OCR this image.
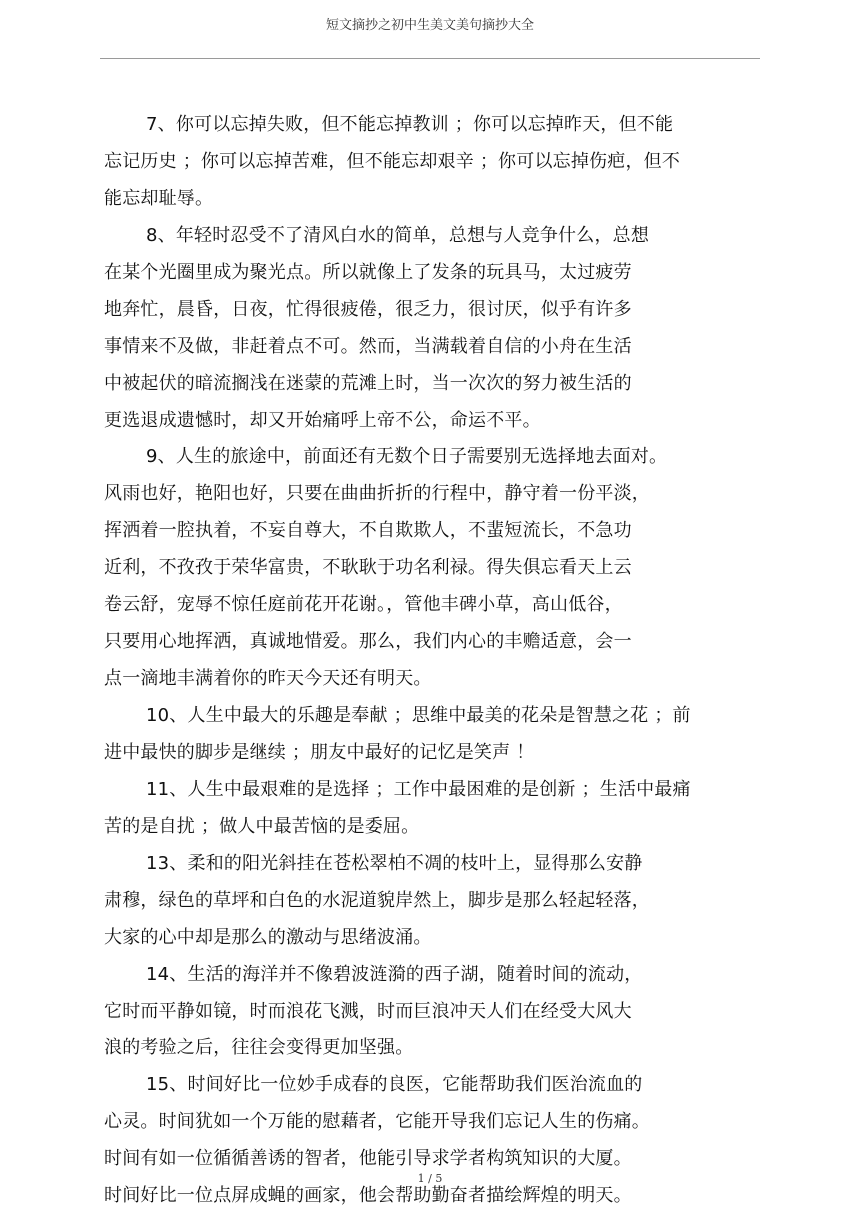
短文摘抄之初中生美文美句摘抄大全
7、你可以忘掉失败，但不能忘掉教训 ；你可以忘掉昨天，但不能
忘记历史 ；你可以忘掉苦难，但不能忘却艰辛 ；你可以忘掉伤疤，但不
能忘却耻辱。
8、年轻时忍受不了清风白水的简单，总想与人竞争什么，总想
在某个光圈里成为聚光点。所以就像上了发条的玩具马，太过疲劳
地奔忙，晨昏，日夜，忙得很疲倦，很乏力，很讨厌，似乎有许多
事情来不及做，非赶着点不可。然而，当满载着自信的小舟在生活
中被起伏的暗流搁浅在迷蒙的荒滩上时，当一次次的努力被生活的
更选退成遗憾时，却又开始痛呼上帝不公，命运不平。
9、人生的旅途中，前面还有无数个日子需要别无选择地去面对。
风雨也好，艳阳也好，只要在曲曲折折的行程中，静守着一份平淡，
挥洒着一腔执着，不妄自尊大，不自欺欺人，不蜚短流长，不急功
近利，不孜孜于荣华富贵，不耿耿于功名利禄。得失俱忘看天上云
卷云舒，宠辱不惊任庭前花开花谢。，管他丰碑小草，高山低谷，
只要用心地挥洒，真诚地惜爱。那么，我们内心的丰赡适意，会一
点一滴地丰满着你的昨天今天还有明天。
10、人生中最大的乐趣是奉献 ；思维中最美的花朵是智慧之花 ；前
进中最快的脚步是继续 ；朋友中最好的记忆是笑声 ！
11、人生中最艰难的是选择 ；工作中最困难的是创新 ；生活中最痛
苦的是自扰 ；做人中最苦恼的是委屈。
13、柔和的阳光斜挂在苍松翠柏不凋的枝叶上，显得那么安静
肃穆，绿色的草坪和白色的水泥道貌岸然上，脚步是那么轻起轻落，
大家的心中却是那么的激动与思绪波涌。
14、生活的海洋并不像碧波涟漪的西子湖，随着时间的流动，
它时而平静如镜，时而浪花飞溅，时而巨浪冲天人们在经受大风大
浪的考验之后，往往会变得更加坚强。
15、时间好比一位妙手成春的良医，它能帮助我们医治流血的
心灵。时间犹如一个万能的慰藉者，它能开导我们忘记人生的伤痛。
时间有如一位循循善诱的智者，他能引导求学者构筑知识的大厦。
时间好比一位点屏成蝇的画家，他会帮助勤奋者描绘辉煌的明天。
1 / 5
